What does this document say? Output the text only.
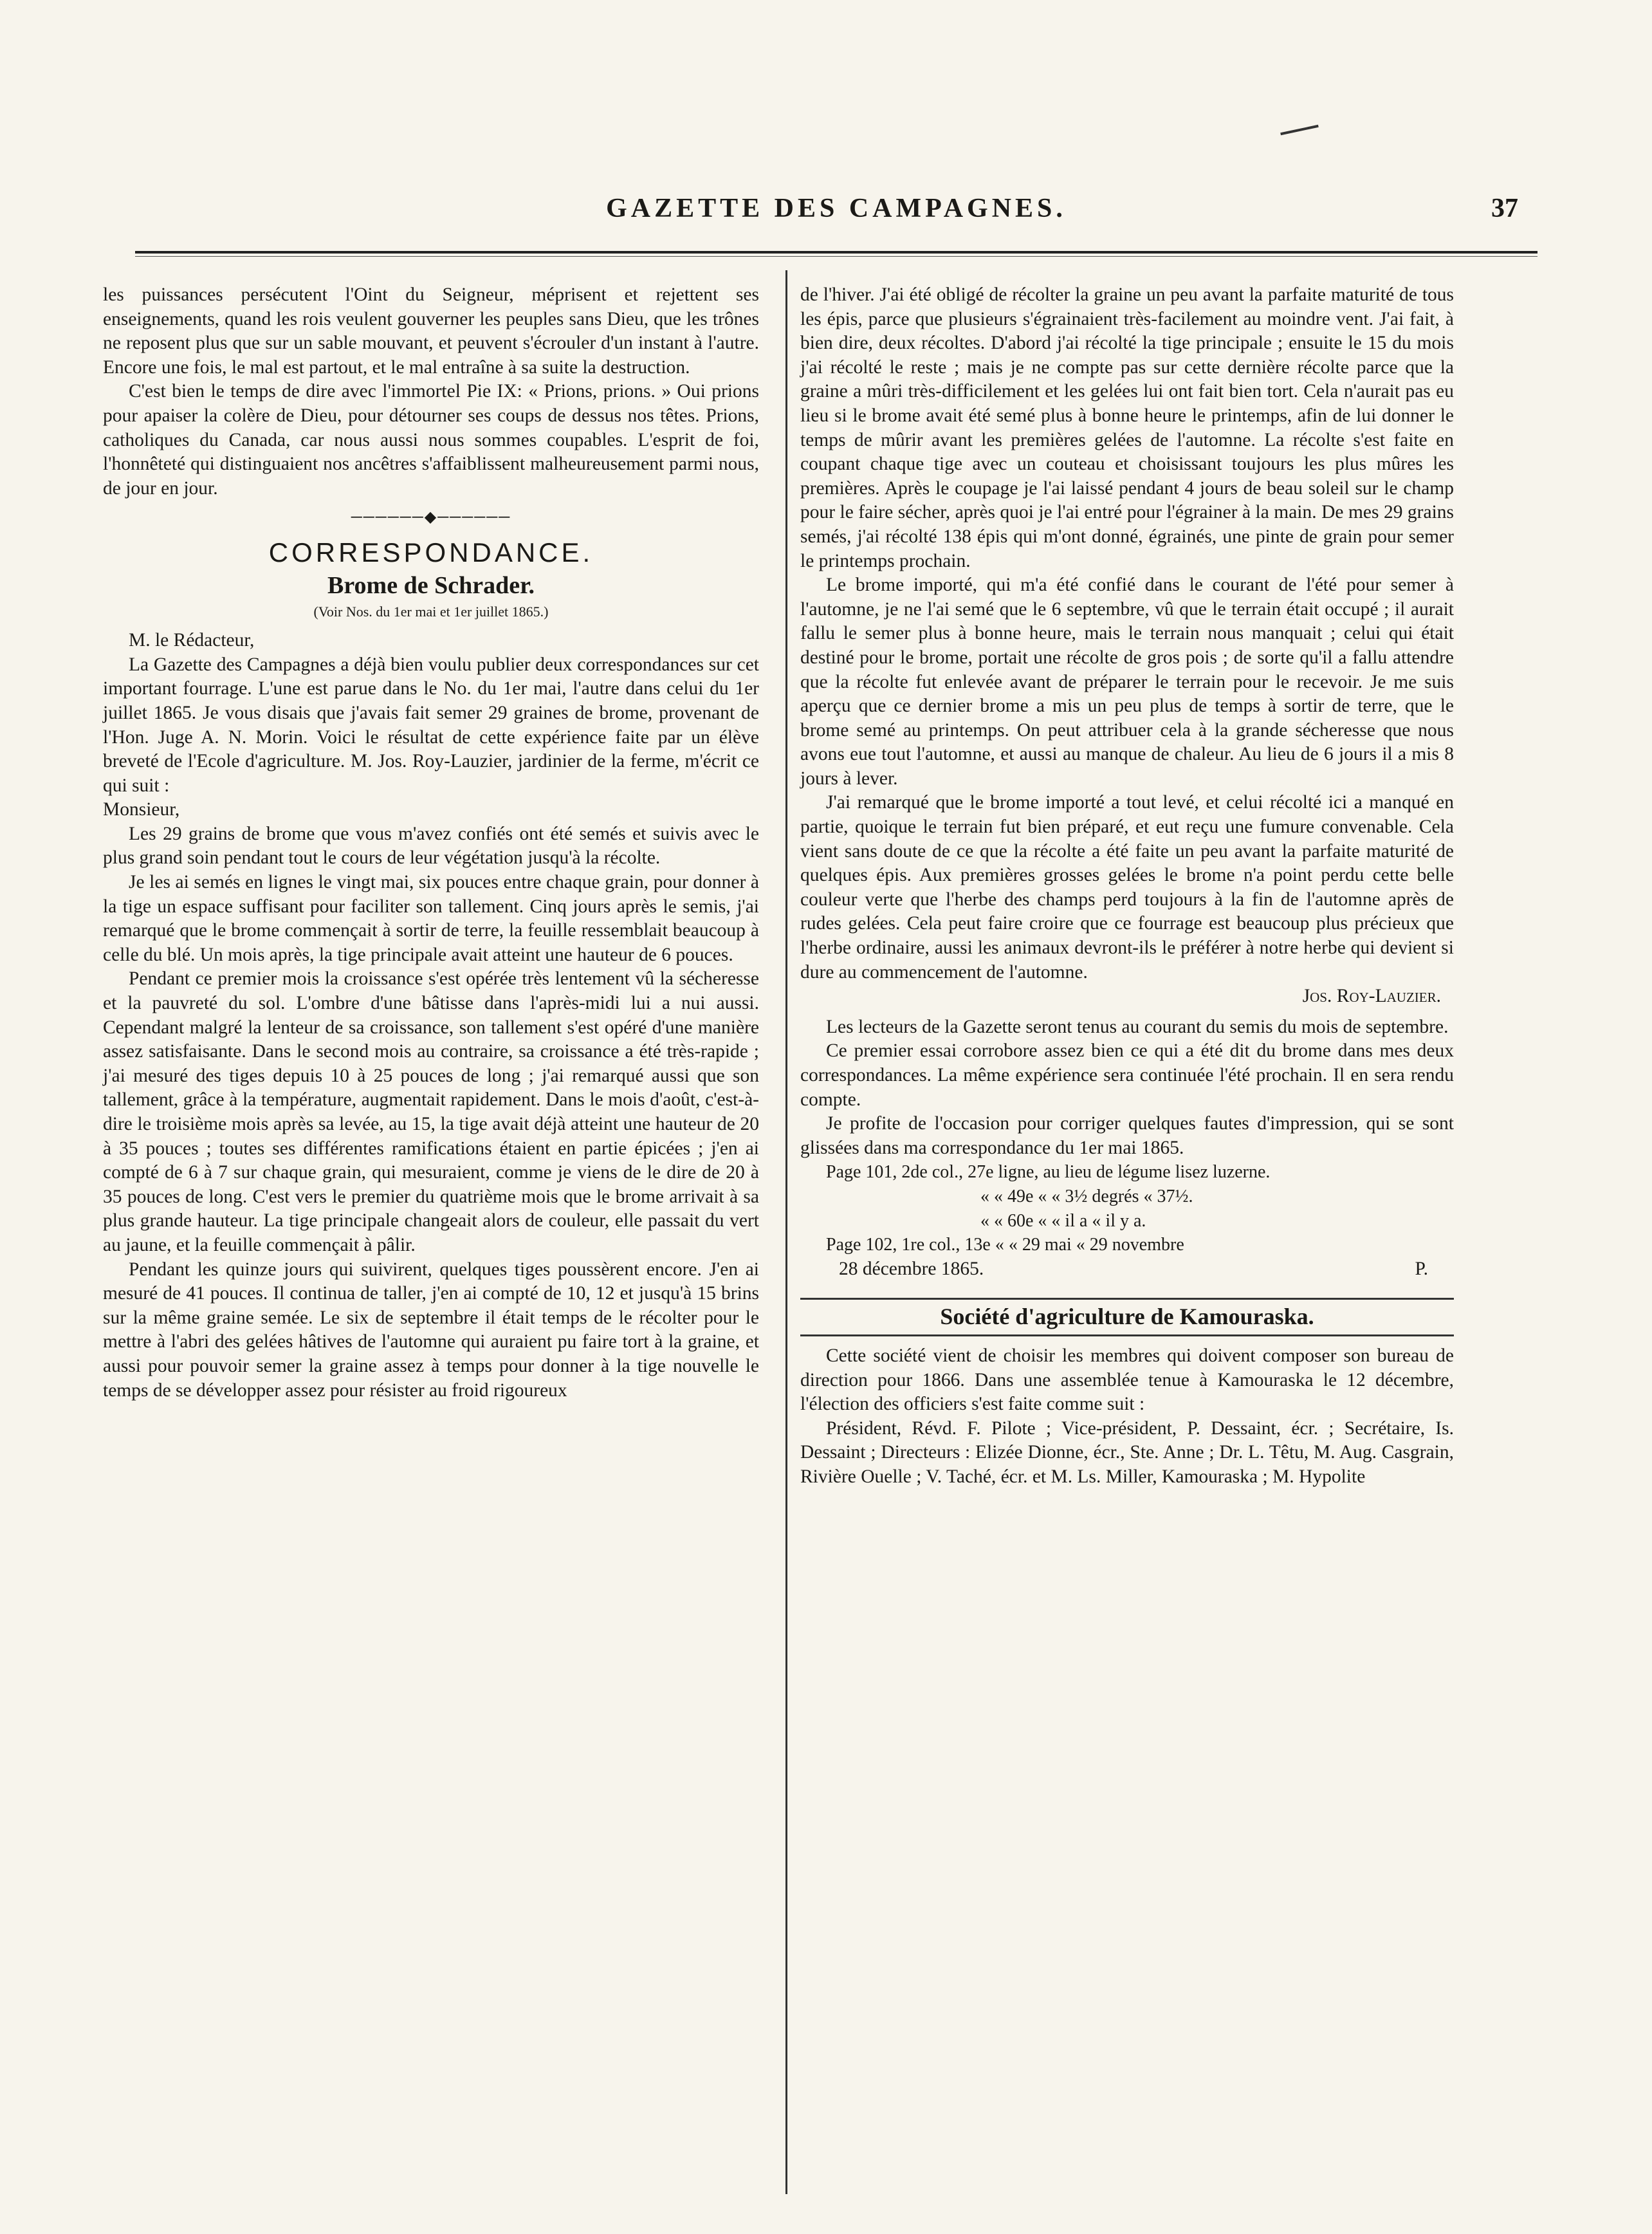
GAZETTE DES CAMPAGNES.	37

les puissances persécutent l'Oint du Seigneur, méprisent et rejettent ses enseignements, quand les rois veulent gouverner les peuples sans Dieu, que les trônes ne reposent plus que sur un sable mouvant, et peuvent s'écrouler d'un instant à l'autre. Encore une fois, le mal est partout, et le mal entraîne à sa suite la destruction.

C'est bien le temps de dire avec l'immortel Pie IX: « Prions, prions. » Oui prions pour apaiser la colère de Dieu, pour détourner ses coups de dessus nos têtes. Prions, catholiques du Canada, car nous aussi nous sommes coupables. L'esprit de foi, l'honnêteté qui distinguaient nos ancêtres s'affaiblissent malheureusement parmi nous, de jour en jour.

──────◆──────
CORRESPONDANCE.
Brome de Schrader.
(Voir Nos. du 1er mai et 1er juillet 1865.)

M. le Rédacteur,

La Gazette des Campagnes a déjà bien voulu publier deux correspondances sur cet important fourrage. L'une est parue dans le No. du 1er mai, l'autre dans celui du 1er juillet 1865. Je vous disais que j'avais fait semer 29 graines de brome, provenant de l'Hon. Juge A. N. Morin. Voici le résultat de cette expérience faite par un élève breveté de l'Ecole d'agriculture. M. Jos. Roy-Lauzier, jardinier de la ferme, m'écrit ce qui suit :

Monsieur,

Les 29 grains de brome que vous m'avez confiés ont été semés et suivis avec le plus grand soin pendant tout le cours de leur végétation jusqu'à la récolte.

Je les ai semés en lignes le vingt mai, six pouces entre chaque grain, pour donner à la tige un espace suffisant pour faciliter son tallement. Cinq jours après le semis, j'ai remarqué que le brome commençait à sortir de terre, la feuille ressemblait beaucoup à celle du blé. Un mois après, la tige principale avait atteint une hauteur de 6 pouces.

Pendant ce premier mois la croissance s'est opérée très lentement vû la sécheresse et la pauvreté du sol. L'ombre d'une bâtisse dans l'après-midi lui a nui aussi. Cependant malgré la lenteur de sa croissance, son tallement s'est opéré d'une manière assez satisfaisante. Dans le second mois au contraire, sa croissance a été très-rapide ; j'ai mesuré des tiges depuis 10 à 25 pouces de long ; j'ai remarqué aussi que son tallement, grâce à la température, augmentait rapidement. Dans le mois d'août, c'est-à-dire le troisième mois après sa levée, au 15, la tige avait déjà atteint une hauteur de 20 à 35 pouces ; toutes ses différentes ramifications étaient en partie épicées ; j'en ai compté de 6 à 7 sur chaque grain, qui mesuraient, comme je viens de le dire de 20 à 35 pouces de long. C'est vers le premier du quatrième mois que le brome arrivait à sa plus grande hauteur. La tige principale changeait alors de couleur, elle passait du vert au jaune, et la feuille commençait à pâlir.

Pendant les quinze jours qui suivirent, quelques tiges poussèrent encore. J'en ai mesuré de 41 pouces. Il continua de taller, j'en ai compté de 10, 12 et jusqu'à 15 brins sur la même graine semée. Le six de septembre il était temps de le récolter pour le mettre à l'abri des gelées hâtives de l'automne qui auraient pu faire tort à la graine, et aussi pour pouvoir semer la graine assez à temps pour donner à la tige nouvelle le temps de se développer assez pour résister au froid rigoureux

de l'hiver. J'ai été obligé de récolter la graine un peu avant la parfaite maturité de tous les épis, parce que plusieurs s'égrainaient très-facilement au moindre vent. J'ai fait, à bien dire, deux récoltes. D'abord j'ai récolté la tige principale ; ensuite le 15 du mois j'ai récolté le reste ; mais je ne compte pas sur cette dernière récolte parce que la graine a mûri très-difficilement et les gelées lui ont fait bien tort. Cela n'aurait pas eu lieu si le brome avait été semé plus à bonne heure le printemps, afin de lui donner le temps de mûrir avant les premières gelées de l'automne. La récolte s'est faite en coupant chaque tige avec un couteau et choisissant toujours les plus mûres les premières. Après le coupage je l'ai laissé pendant 4 jours de beau soleil sur le champ pour le faire sécher, après quoi je l'ai entré pour l'égrainer à la main. De mes 29 grains semés, j'ai récolté 138 épis qui m'ont donné, égrainés, une pinte de grain pour semer le printemps prochain.

Le brome importé, qui m'a été confié dans le courant de l'été pour semer à l'automne, je ne l'ai semé que le 6 septembre, vû que le terrain était occupé ; il aurait fallu le semer plus à bonne heure, mais le terrain nous manquait ; celui qui était destiné pour le brome, portait une récolte de gros pois ; de sorte qu'il a fallu attendre que la récolte fut enlevée avant de préparer le terrain pour le recevoir. Je me suis aperçu que ce dernier brome a mis un peu plus de temps à sortir de terre, que le brome semé au printemps. On peut attribuer cela à la grande sécheresse que nous avons eue tout l'automne, et aussi au manque de chaleur. Au lieu de 6 jours il a mis 8 jours à lever.

J'ai remarqué que le brome importé a tout levé, et celui récolté ici a manqué en partie, quoique le terrain fut bien préparé, et eut reçu une fumure convenable. Cela vient sans doute de ce que la récolte a été faite un peu avant la parfaite maturité de quelques épis. Aux premières grosses gelées le brome n'a point perdu cette belle couleur verte que l'herbe des champs perd toujours à la fin de l'automne après de rudes gelées. Cela peut faire croire que ce fourrage est beaucoup plus précieux que l'herbe ordinaire, aussi les animaux devront-ils le préférer à notre herbe qui devient si dure au commencement de l'automne.

Jos. Roy-Lauzier.

Les lecteurs de la Gazette seront tenus au courant du semis du mois de septembre.

Ce premier essai corrobore assez bien ce qui a été dit du brome dans mes deux correspondances. La même expérience sera continuée l'été prochain. Il en sera rendu compte.

Je profite de l'occasion pour corriger quelques fautes d'impression, qui se sont glissées dans ma correspondance du 1er mai 1865.

Page 101, 2de col., 27e ligne, au lieu de légume lisez luzerne.

« « 49e « « 3½ degrés « 37½.

« « 60e « « il a « il y a.

Page 102, 1re col., 13e « « 29 mai « 29 novembre

28 décembre 1865.	P.
Société d'agriculture de Kamouraska.

Cette société vient de choisir les membres qui doivent composer son bureau de direction pour 1866. Dans une assemblée tenue à Kamouraska le 12 décembre, l'élection des officiers s'est faite comme suit :

Président, Révd. F. Pilote ; Vice-président, P. Dessaint, écr. ; Secrétaire, Is. Dessaint ; Directeurs : Elizée Dionne, écr., Ste. Anne ; Dr. L. Têtu, M. Aug. Casgrain, Rivière Ouelle ; V. Taché, écr. et M. Ls. Miller, Kamouraska ; M. Hypolite
